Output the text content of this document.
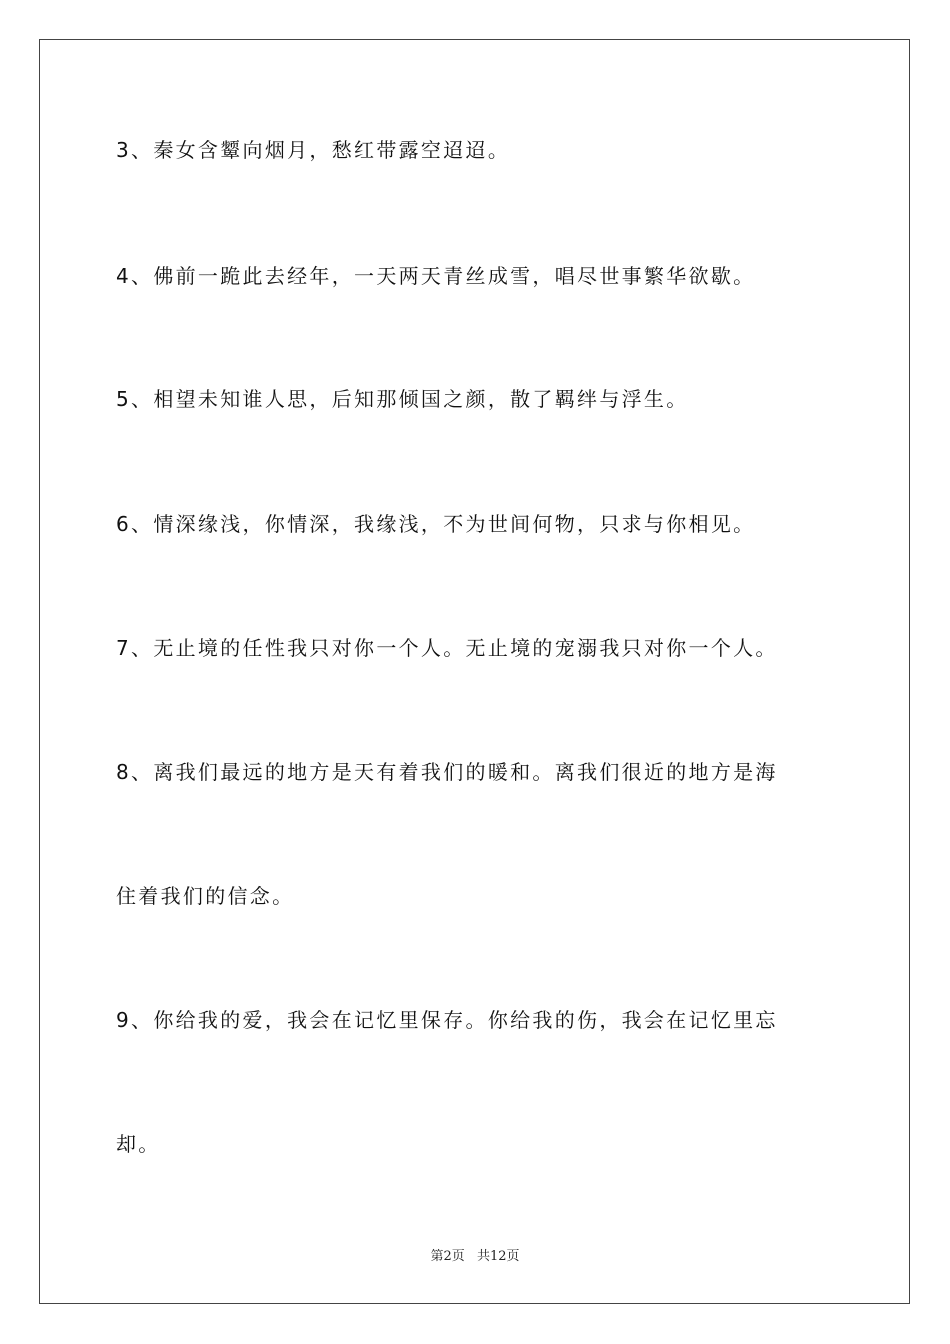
3、秦女含颦向烟月，愁红带露空迢迢。

4、佛前一跪此去经年，一天两天青丝成雪，唱尽世事繁华欲歇。

5、相望未知谁人思，后知那倾国之颜，散了羁绊与浮生。

6、情深缘浅，你情深，我缘浅，不为世间何物，只求与你相见。

7、无止境的任性我只对你一个人。无止境的宠溺我只对你一个人。

8、离我们最远的地方是天有着我们的暖和。离我们很近的地方是海

住着我们的信念。

9、你给我的爱，我会在记忆里保存。你给我的伤，我会在记忆里忘

却。

第2页 共12页
